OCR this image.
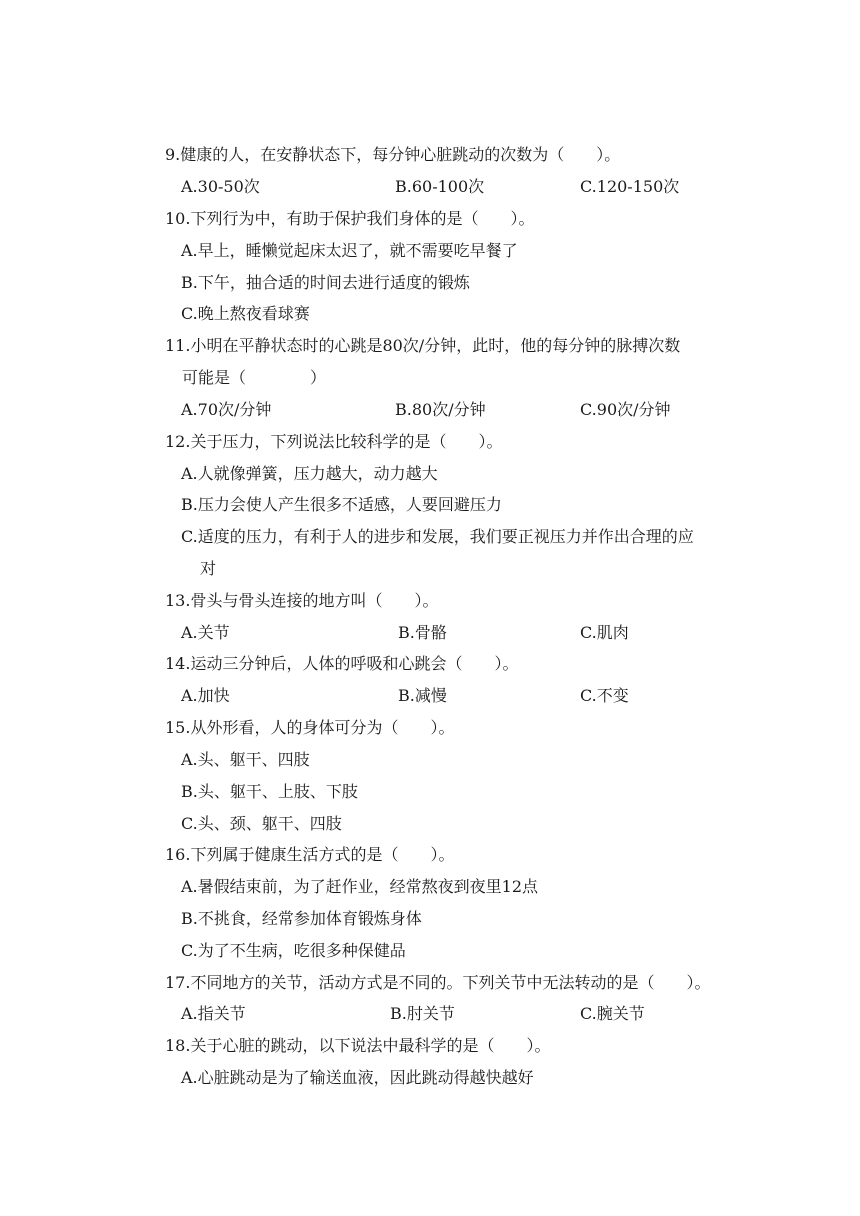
9.健康的人，在安静状态下，每分钟心脏跳动的次数为（　　）。
A.30-50次	B.60-100次	C.120-150次
10.下列行为中，有助于保护我们身体的是（　　）。
A.早上，睡懒觉起床太迟了，就不需要吃早餐了
B.下午，抽合适的时间去进行适度的锻炼
C.晚上熬夜看球赛
11.小明在平静状态时的心跳是80次/分钟，此时，他的每分钟的脉搏次数
可能是（　　　　）
A.70次/分钟	B.80次/分钟	C.90次/分钟
12.关于压力，下列说法比较科学的是（　　）。
A.人就像弹簧，压力越大，动力越大
B.压力会使人产生很多不适感，人要回避压力
C.适度的压力，有利于人的进步和发展，我们要正视压力并作出合理的应
对
13.骨头与骨头连接的地方叫（　　）。
A.关节	B.骨骼	C.肌肉
14.运动三分钟后，人体的呼吸和心跳会（　　）。
A.加快	B.减慢	C.不变
15.从外形看，人的身体可分为（　　）。
A.头、躯干、四肢
B.头、躯干、上肢、下肢
C.头、颈、躯干、四肢
16.下列属于健康生活方式的是（　　）。
A.暑假结束前，为了赶作业，经常熬夜到夜里12点
B.不挑食，经常参加体育锻炼身体
C.为了不生病，吃很多种保健品
17.不同地方的关节，活动方式是不同的。下列关节中无法转动的是（　　）。
A.指关节	B.肘关节	C.腕关节
18.关于心脏的跳动，以下说法中最科学的是（　　）。
A.心脏跳动是为了输送血液，因此跳动得越快越好
